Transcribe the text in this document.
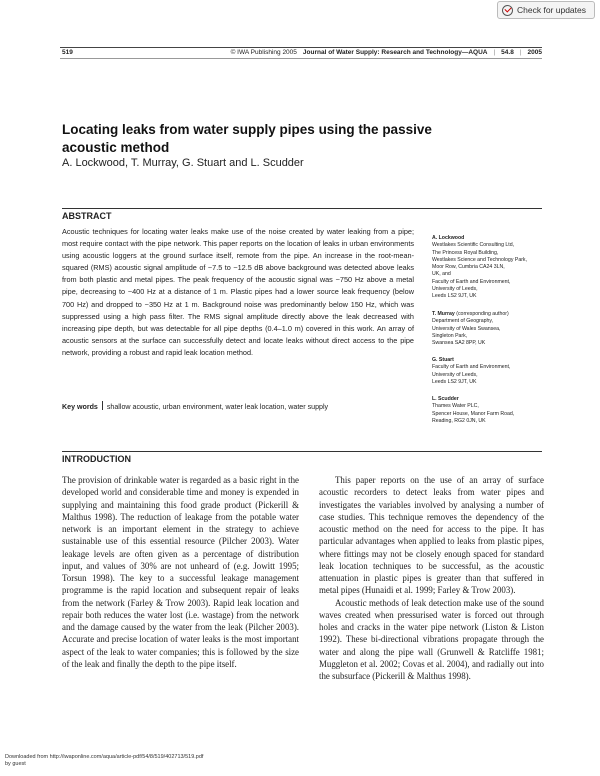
Check for updates
519	© IWA Publishing 2005 Journal of Water Supply: Research and Technology—AQUA | 54.8 | 2005
Locating leaks from water supply pipes using the passive acoustic method
A. Lockwood, T. Murray, G. Stuart and L. Scudder
ABSTRACT
Acoustic techniques for locating water leaks make use of the noise created by water leaking from a pipe; most require contact with the pipe network. This paper reports on the location of leaks in urban environments using acoustic loggers at the ground surface itself, remote from the pipe. An increase in the root-mean-squared (RMS) acoustic signal amplitude of ~7.5 to ~12.5 dB above background was detected above leaks from both plastic and metal pipes. The peak frequency of the acoustic signal was ~750 Hz above a metal pipe, decreasing to ~400 Hz at a distance of 1 m. Plastic pipes had a lower source leak frequency (below 700 Hz) and dropped to ~350 Hz at 1 m. Background noise was predominantly below 150 Hz, which was suppressed using a high pass filter. The RMS signal amplitude directly above the leak decreased with increasing pipe depth, but was detectable for all pipe depths (0.4–1.0 m) covered in this work. An array of acoustic sensors at the surface can successfully detect and locate leaks without direct access to the pipe network, providing a robust and rapid leak location method.
Key words shallow acoustic, urban environment, water leak location, water supply
A. Lockwood
Westlakes Scientific Consulting Ltd,
The Princess Royal Building,
Westlakes Science and Technology Park,
Moor Row, Cumbria CA24 3LN,
UK, and
Faculty of Earth and Environment,
University of Leeds,
Leeds LS2 9JT, UK
T. Murray (corresponding author)
Department of Geography,
University of Wales Swansea,
Singleton Park,
Swansea SA2 8PP, UK
G. Stuart
Faculty of Earth and Environment,
University of Leeds,
Leeds LS2 9JT, UK
L. Scudder
Thames Water PLC,
Spencer House, Manor Farm Road,
Reading, RG2 0JN, UK
INTRODUCTION

The provision of drinkable water is regarded as a basic right in the developed world and considerable time and money is expended in supplying and maintaining this food grade product (Pickerill & Malthus 1998). The reduction of leakage from the potable water network is an important element in the strategy to achieve sustainable use of this essential resource (Pilcher 2003). Water leakage levels are often given as a percentage of distribution input, and values of 30% are not unheard of (e.g. Jowitt 1995; Torsun 1998). The key to a successful leakage management programme is the rapid location and subsequent repair of leaks from the network (Farley & Trow 2003). Rapid leak location and repair both reduces the water lost (i.e. wastage) from the network and the damage caused by the water from the leak (Pilcher 2003). Accurate and precise location of water leaks is the most important aspect of the leak to water companies; this is followed by the size of the leak and finally the depth to the pipe itself.

This paper reports on the use of an array of surface acoustic recorders to detect leaks from water pipes and investigates the variables involved by analysing a number of case studies. This technique removes the dependency of the acoustic method on the need for access to the pipe. It has particular advantages when applied to leaks from plastic pipes, where fittings may not be closely enough spaced for standard leak location techniques to be successful, as the acoustic attenuation in plastic pipes is greater than that suffered in metal pipes (Hunaidi et al. 1999; Farley & Trow 2003).

Acoustic methods of leak detection make use of the sound waves created when pressurised water is forced out through holes and cracks in the water pipe network (Liston & Liston 1992). These bi-directional vibrations propagate through the water and along the pipe wall (Grunwell & Ratcliffe 1981; Muggleton et al. 2002; Covas et al. 2004), and radially out into the subsurface (Pickerill & Malthus 1998).

Downloaded from http://iwaponline.com/aqua/article-pdf/54/8/519/402713/519.pdf
by guest
